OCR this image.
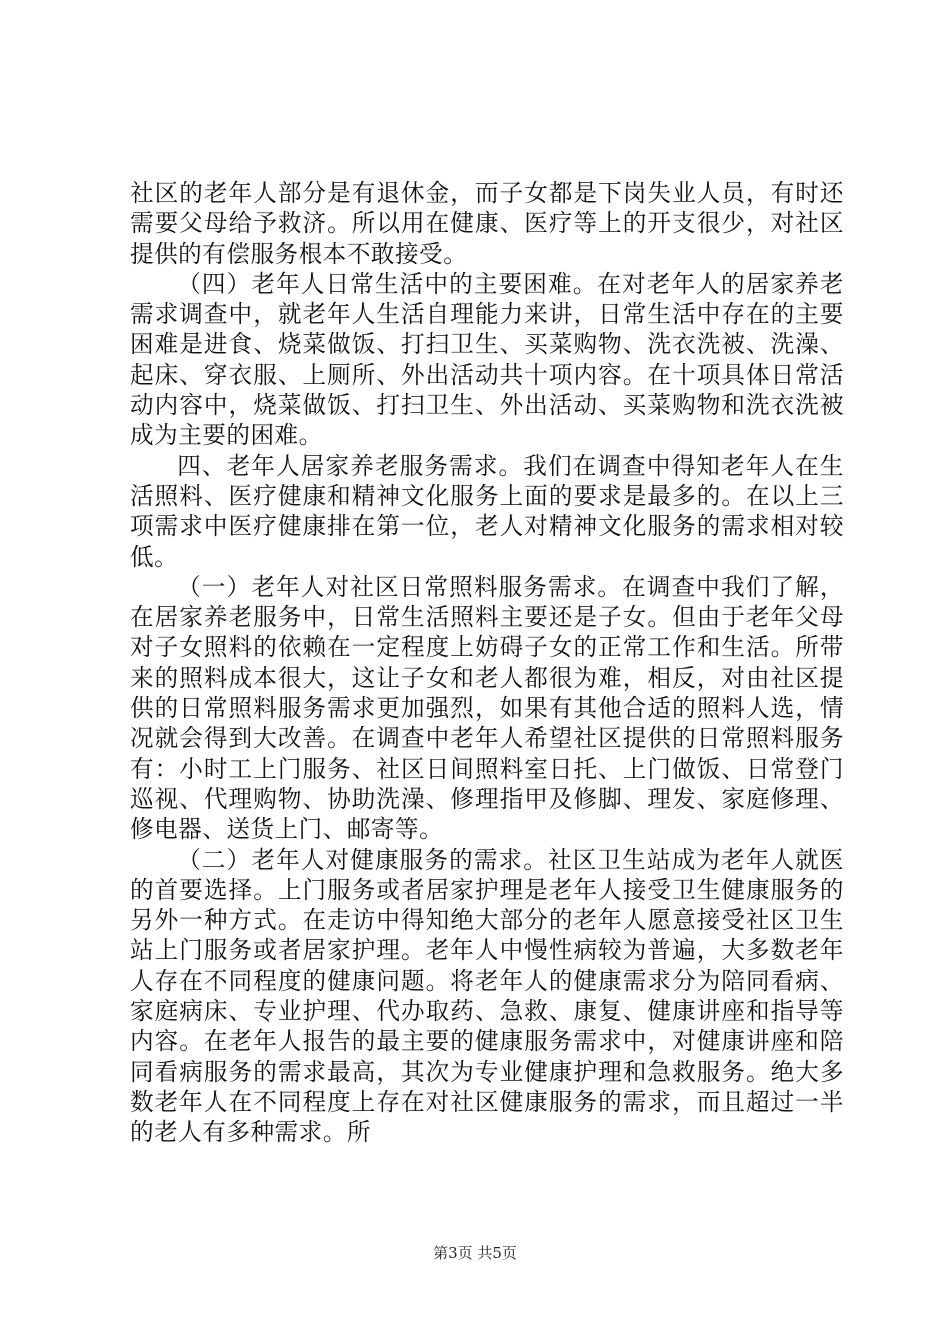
社区的老年人部分是有退休金，而子女都是下岗失业人员，有时还需要父母给予救济。所以用在健康、医疗等上的开支很少，对社区提供的有偿服务根本不敢接受。

（四）老年人日常生活中的主要困难。在对老年人的居家养老需求调查中，就老年人生活自理能力来讲，日常生活中存在的主要困难是进食、烧菜做饭、打扫卫生、买菜购物、洗衣洗被、洗澡、起床、穿衣服、上厕所、外出活动共十项内容。在十项具体日常活动内容中，烧菜做饭、打扫卫生、外出活动、买菜购物和洗衣洗被成为主要的困难。

四、老年人居家养老服务需求。我们在调查中得知老年人在生活照料、医疗健康和精神文化服务上面的要求是最多的。在以上三项需求中医疗健康排在第一位，老人对精神文化服务的需求相对较低。

（一）老年人对社区日常照料服务需求。在调查中我们了解，在居家养老服务中，日常生活照料主要还是子女。但由于老年父母对子女照料的依赖在一定程度上妨碍子女的正常工作和生活。所带来的照料成本很大，这让子女和老人都很为难，相反，对由社区提供的日常照料服务需求更加强烈，如果有其他合适的照料人选，情况就会得到大改善。在调查中老年人希望社区提供的日常照料服务有：小时工上门服务、社区日间照料室日托、上门做饭、日常登门巡视、代理购物、协助洗澡、修理指甲及修脚、理发、家庭修理、修电器、送货上门、邮寄等。

（二）老年人对健康服务的需求。社区卫生站成为老年人就医的首要选择。上门服务或者居家护理是老年人接受卫生健康服务的另外一种方式。在走访中得知绝大部分的老年人愿意接受社区卫生站上门服务或者居家护理。老年人中慢性病较为普遍，大多数老年人存在不同程度的健康问题。将老年人的健康需求分为陪同看病、家庭病床、专业护理、代办取药、急救、康复、健康讲座和指导等内容。在老年人报告的最主要的健康服务需求中，对健康讲座和陪同看病服务的需求最高，其次为专业健康护理和急救服务。绝大多数老年人在不同程度上存在对社区健康服务的需求，而且超过一半的老人有多种需求。所

第3页 共5页
